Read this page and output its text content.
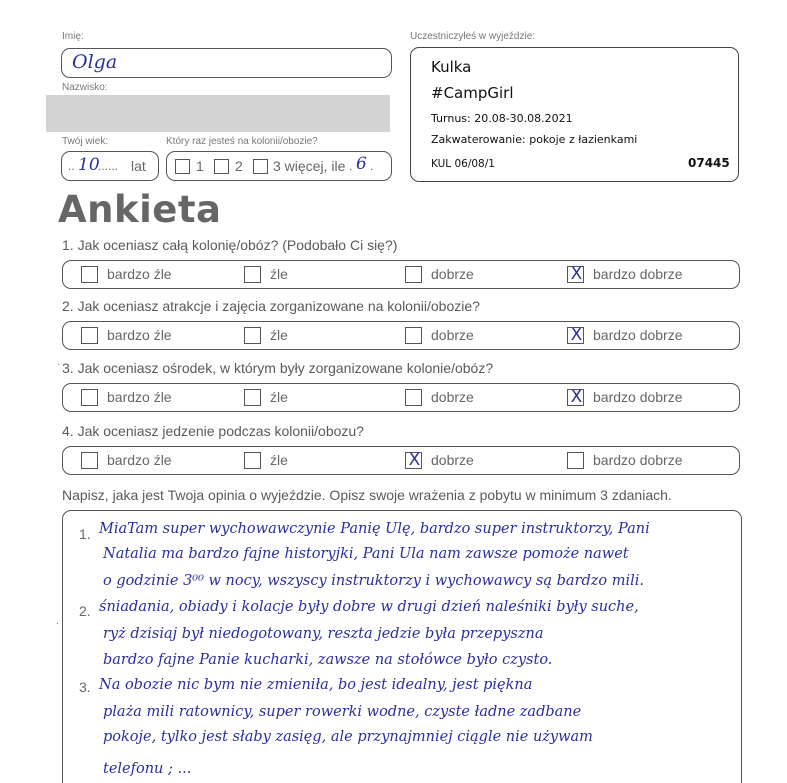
Imię:
Olga
Nazwisko:
Twój wiek:	Który raz jesteś na kolonii/obozie?
.. 10
...... lat	1 2 3 więcej, ile . 6 .
Uczestniczyłeś w wyjeździe:
Kulka
#CampGirl
Turnus: 20.08-30.08.2021
Zakwaterowanie: pokoje z łazienkami
KUL 06/08/1	07445
Ankieta
1. Jak oceniasz całą kolonię/obóz? (Podobało Ci się?)
bardzo źle	źle	dobrze	X bardzo dobrze
2. Jak oceniasz atrakcje i zajęcia zorganizowane na kolonii/obozie?
bardzo źle	źle	dobrze	X bardzo dobrze
3. Jak oceniasz ośrodek, w którym były zorganizowane kolonie/obóz?
bardzo źle	źle	dobrze	X bardzo dobrze
4. Jak oceniasz jedzenie podczas kolonii/obozu?
bardzo źle	źle	X dobrze	bardzo dobrze
Napisz, jaka jest Twoja opinia o wyjeździe. Opisz swoje wrażenia z pobytu w minimum 3 zdaniach.
1.
2.
3.
MiaTam super wychowawczynie Panię Ulę, bardzo super instruktorzy, Pani
Natalia ma bardzo fajne historyjki, Pani Ula nam zawsze pomoże nawet
o godzinie 3⁰⁰ w nocy, wszyscy instruktorzy i wychowawcy są bardzo mili.
śniadania, obiady i kolacje były dobre w drugi dzień naleśniki były suche,
ryż dzisiaj był niedogotowany, reszta jedzie była przepyszna
bardzo fajne Panie kucharki, zawsze na stołówce było czysto.
Na obozie nic bym nie zmieniła, bo jest idealny, jest piękna
plaża mili ratownicy, super rowerki wodne, czyste ładne zadbane
pokoje, tylko jest słaby zasięg, ale przynajmniej ciągle nie używam
telefonu ; ...
.
.
